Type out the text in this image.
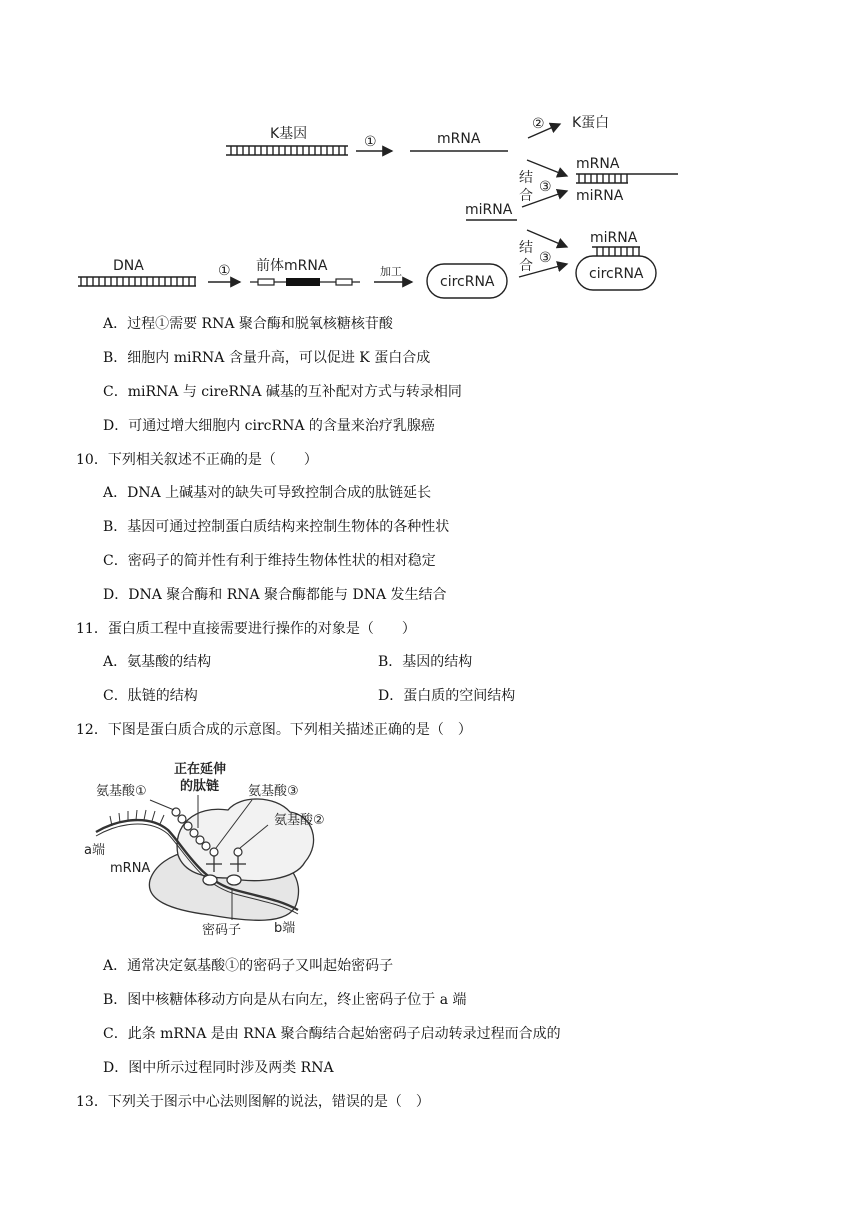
K基因	①	mRNA
② K蛋白
结
合
③
miRNA
mRNA
miRNA
结
合 ③
miRNA
circRNA
DNA	① 前体mRNA	加工
circRNA
A．过程①需要 RNA 聚合酶和脱氧核糖核苷酸
B．细胞内 miRNA 含量升高，可以促进 K 蛋白合成
C．miRNA 与 cireRNA 碱基的互补配对方式与转录相同
D．可通过增大细胞内 circRNA 的含量来治疗乳腺癌
10．下列相关叙述不正确的是（　　）
A．DNA 上碱基对的缺失可导致控制合成的肽链延长
B．基因可通过控制蛋白质结构来控制生物体的各种性状
C．密码子的简并性有利于维持生物体性状的相对稳定
D．DNA 聚合酶和 RNA 聚合酶都能与 DNA 发生结合
11．蛋白质工程中直接需要进行操作的对象是（　　）
A．氨基酸的结构	B．基因的结构
C．肽链的结构	D．蛋白质的空间结构
12．下图是蛋白质合成的示意图。下列相关描述正确的是（　）
正在延伸
的肽链
氨基酸①	氨基酸③
氨基酸②
a端
mRNA
密码子	b端
A．通常决定氨基酸①的密码子又叫起始密码子
B．图中核糖体移动方向是从右向左，终止密码子位于 a 端
C．此条 mRNA 是由 RNA 聚合酶结合起始密码子启动转录过程而合成的
D．图中所示过程同时涉及两类 RNA
13．下列关于图示中心法则图解的说法，错误的是（　）
